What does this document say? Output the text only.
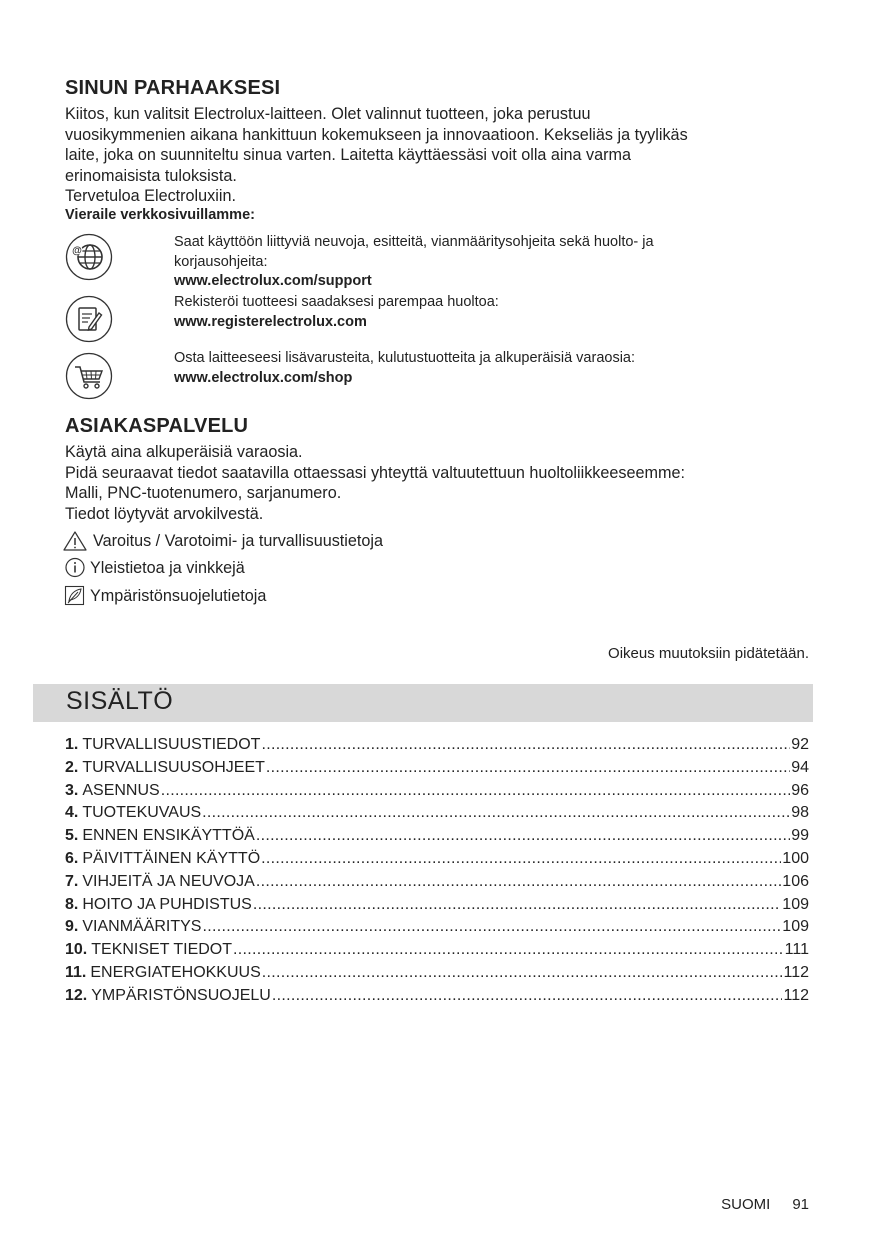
SINUN PARHAAKSESI
Kiitos, kun valitsit Electrolux-laitteen. Olet valinnut tuotteen, joka perustuu
vuosikymmenien aikana hankittuun kokemukseen ja innovaatioon. Kekseliäs ja tyylikäs
laite, joka on suunniteltu sinua varten. Laitetta käyttäessäsi voit olla aina varma
erinomaisista tuloksista.
Tervetuloa Electroluxiin.
Vieraile verkkosivuillamme:
@
Saat käyttöön liittyviä neuvoja, esitteitä, vianmääritysohjeita sekä huolto- ja
korjausohjeita:
www.electrolux.com/support
Rekisteröi tuotteesi saadaksesi parempaa huoltoa:
www.registerelectrolux.com
Osta laitteeseesi lisävarusteita, kulutustuotteita ja alkuperäisiä varaosia:
www.electrolux.com/shop
ASIAKASPALVELU
Käytä aina alkuperäisiä varaosia.
Pidä seuraavat tiedot saatavilla ottaessasi yhteyttä valtuutettuun huoltoliikkeeseemme:
Malli, PNC-tuotenumero, sarjanumero.
Tiedot löytyvät arvokilvestä.
Varoitus / Varotoimi- ja turvallisuustietoja
Yleistietoa ja vinkkejä
Ympäristönsuojelutietoja
Oikeus muutoksiin pidätetään.
SISÄLTÖ
1. TURVALLISUUSTIEDOT .....	92
2. TURVALLISUUSOHJEET .....	94
3. ASENNUS .....	96
4. TUOTEKUVAUS .....	98
5. ENNEN ENSIKÄYTTÖÄ .....	99
6. PÄIVITTÄINEN KÄYTTÖ .....	100
7. VIHJEITÄ JA NEUVOJA .....	106
8. HOITO JA PUHDISTUS .....	109
9. VIANMÄÄRITYS .....	109
10. TEKNISET TIEDOT .....	111
11. ENERGIATEHOKKUUS .....	112
12. YMPÄRISTÖNSUOJELU .....	112
SUOMI 91
